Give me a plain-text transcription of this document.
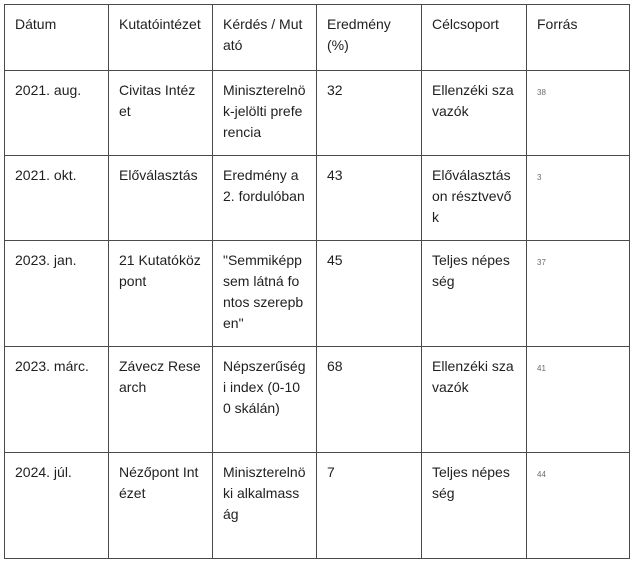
Dátum	Kutatóintézet	Kérdés / Mutató	Eredmény (%)	Célcsoport	Forrás
2021. aug.	Civitas Intézet	Miniszterelnök-jelölti preferencia	32	Ellenzéki szavazók	38
2021. okt.	Előválasztás	Eredmény a 2. fordulóban	43	Előválasztáson résztvevők	3
2023. jan.	21 Kutatóközpont	"Semmiképp sem látná fontos szerepben"	45	Teljes népesség	37
2023. márc.	Závecz Research	Népszerűségi index (0-100 skálán)	68	Ellenzéki szavazók	41
2024. júl.	Nézőpont Intézet	Miniszterelnöki alkalmasság	7	Teljes népesség	44
